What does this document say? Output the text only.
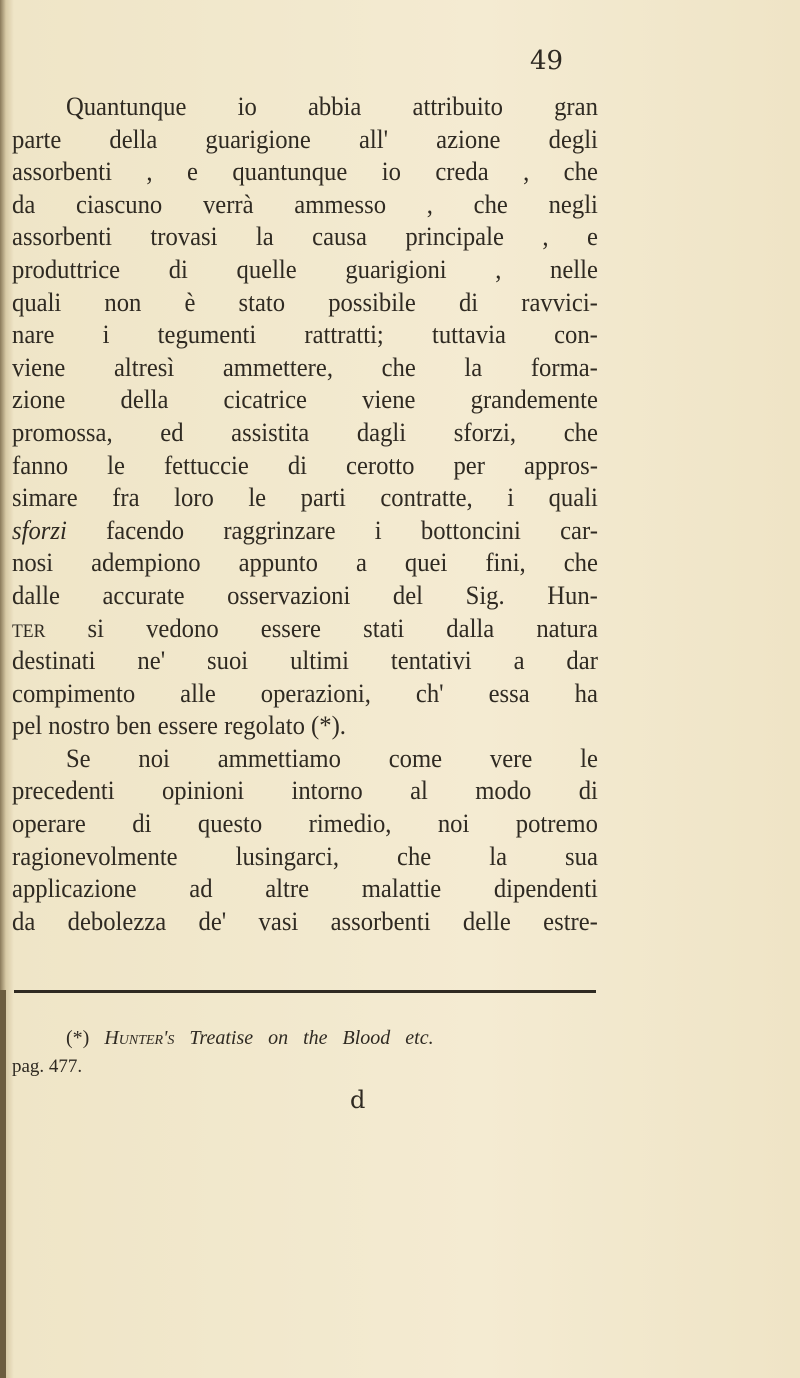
49
Quantunque io abbia attribuito gran
parte della guarigione all' azione degli
assorbenti , e quantunque io creda , che
da ciascuno verrà ammesso , che negli
assorbenti trovasi la causa principale , e
produttrice di quelle guarigioni , nelle
quali non è stato possibile di ravvici-
nare i tegumenti rattratti; tuttavia con-
viene altresì ammettere, che la forma-
zione della cicatrice viene grandemente
promossa, ed assistita dagli sforzi, che
fanno le fettuccie di cerotto per appros-
simare fra loro le parti contratte, i quali
sforzi facendo raggrinzare i bottoncini car-
nosi adempiono appunto a quei fini, che
dalle accurate osservazioni del Sig. Hun-
ter si vedono essere stati dalla natura
destinati ne' suoi ultimi tentativi a dar
compimento alle operazioni, ch' essa ha
pel nostro ben essere regolato (*).
Se noi ammettiamo come vere le
precedenti opinioni intorno al modo di
operare di questo rimedio, noi potremo
ragionevolmente lusingarci, che la sua
applicazione ad altre malattie dipendenti
da debolezza de' vasi assorbenti delle estre-
(*) Hunter's Treatise on the Blood etc.
pag. 477.
d
